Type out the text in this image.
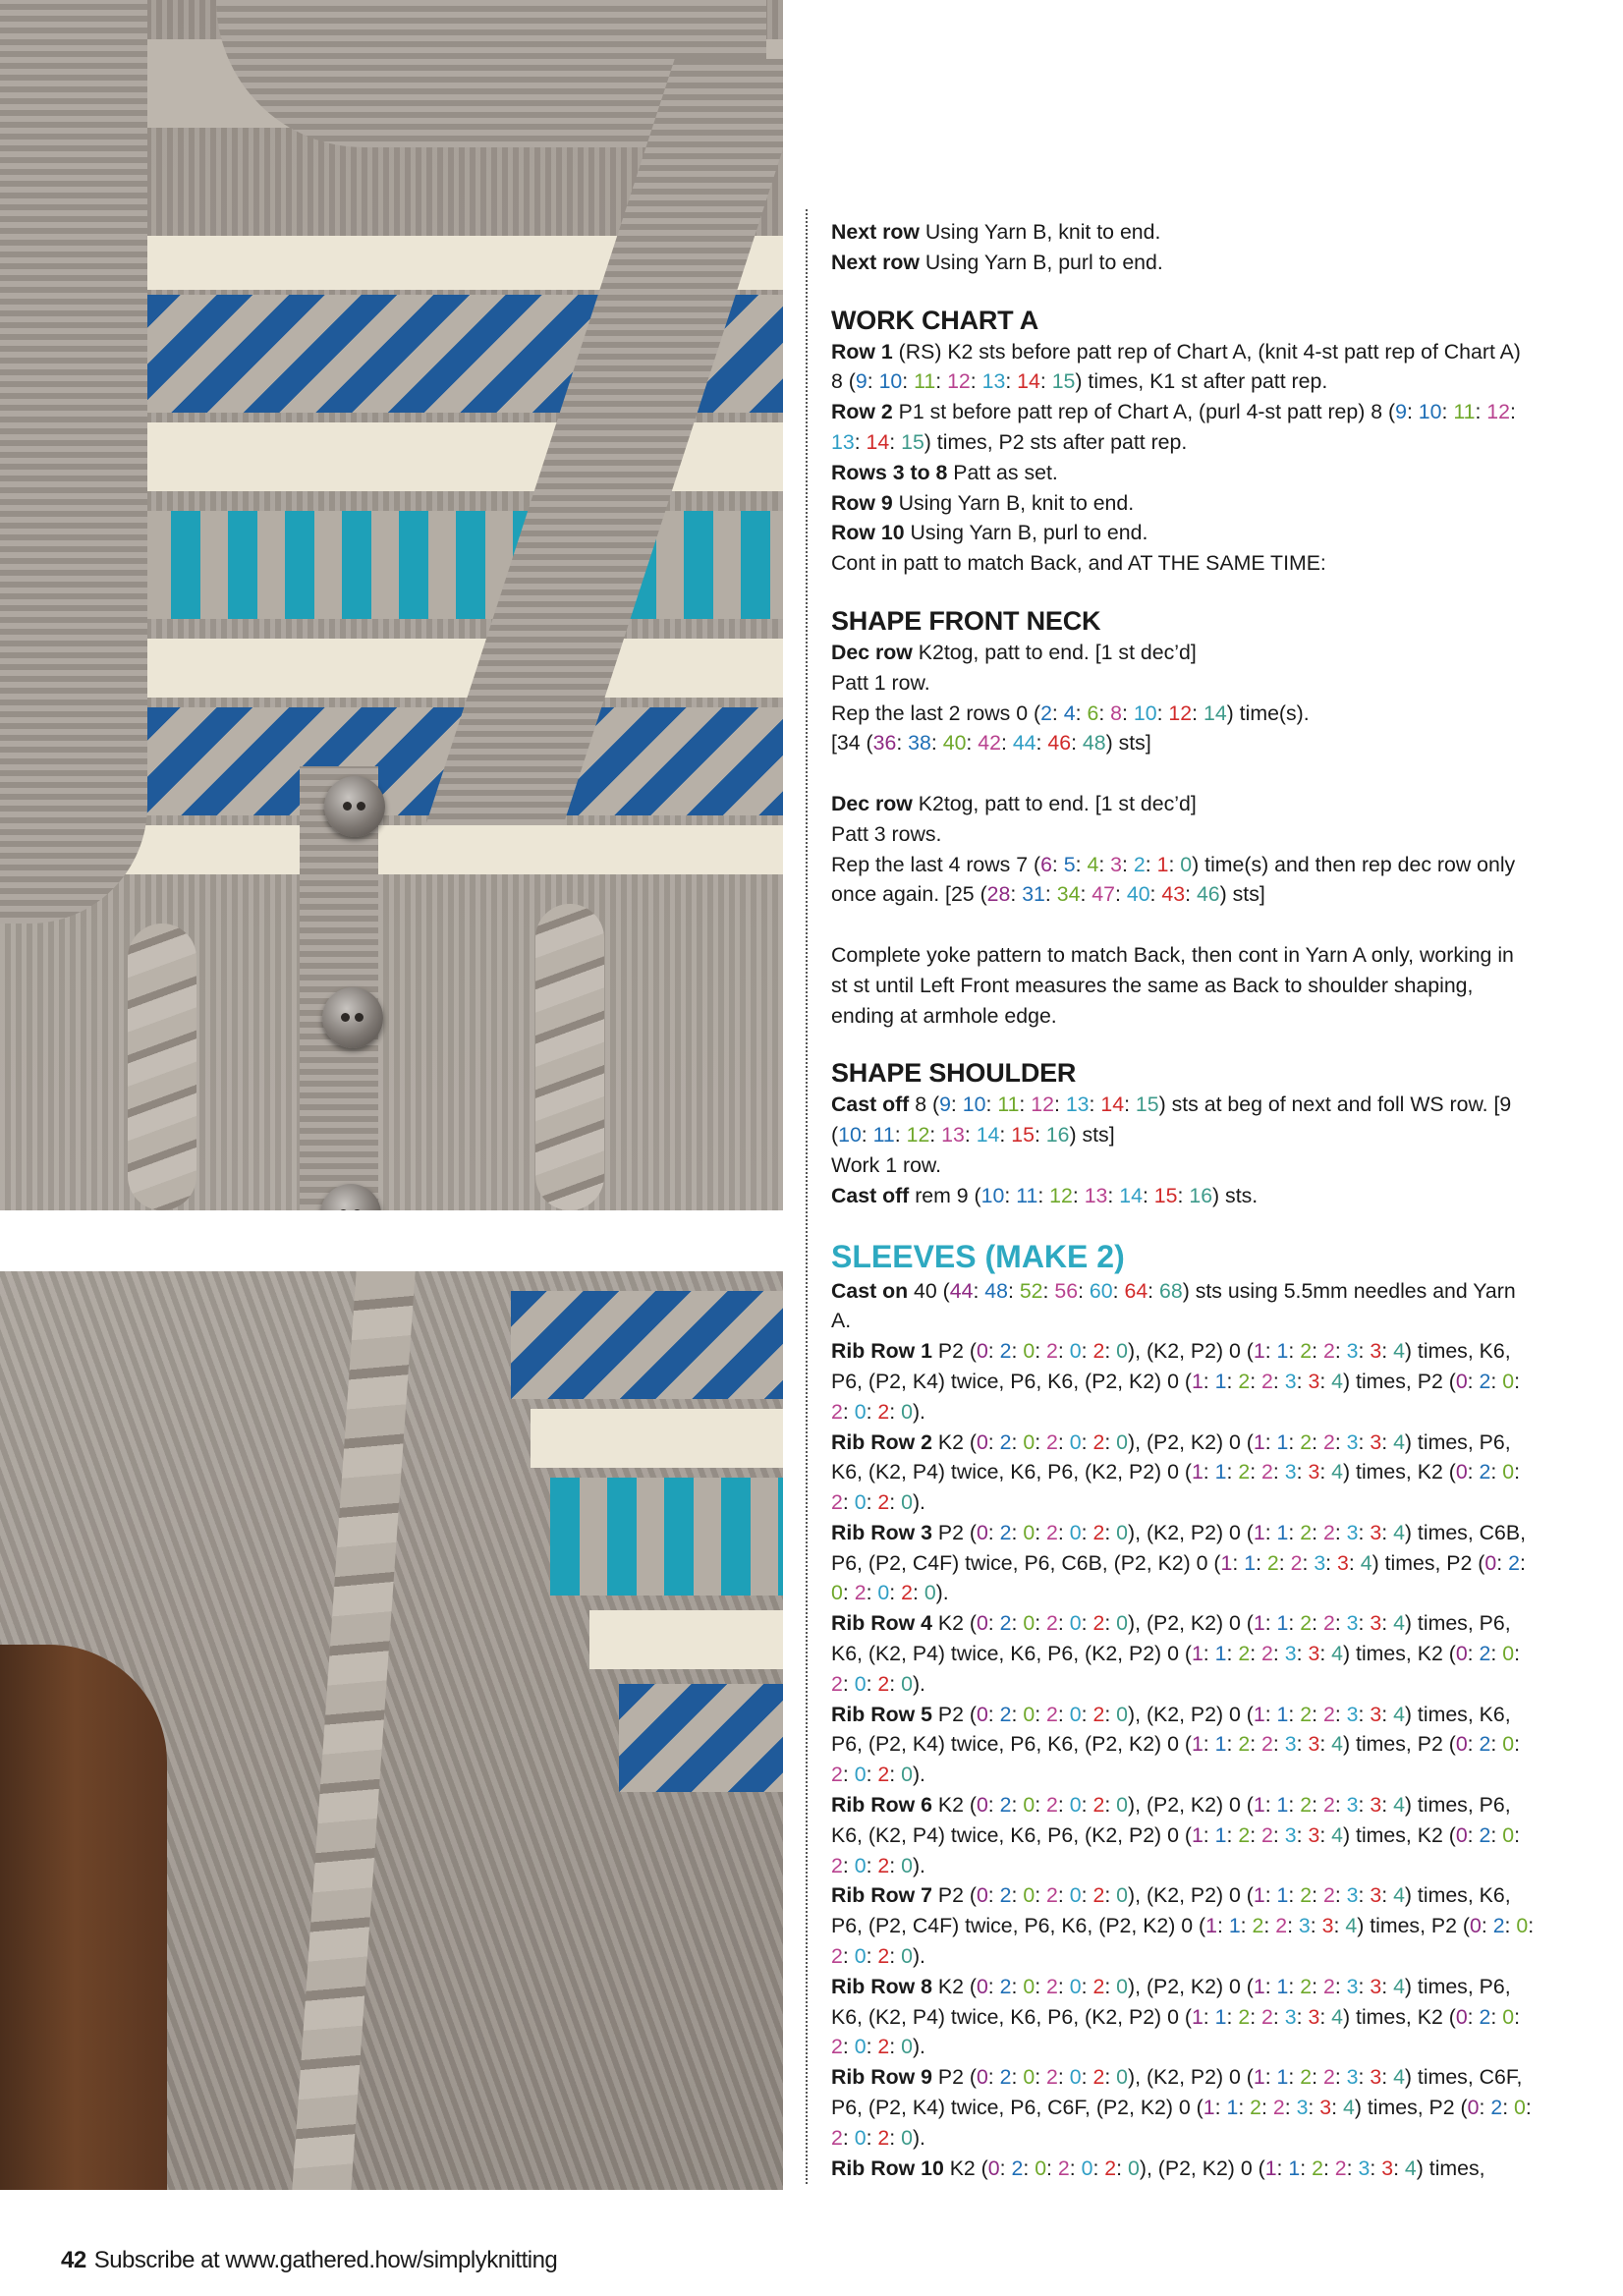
Next row Using Yarn B, knit to end.

Next row Using Yarn B, purl to end.

WORK CHART A

Row 1 (RS) K2 sts before patt rep of Chart A, (knit 4-st patt rep of Chart A) 8 (9: 10: 11: 12: 13: 14: 15) times, K1 st after patt rep.

Row 2 P1 st before patt rep of Chart A, (purl 4-st patt rep) 8 (9: 10: 11: 12: 13: 14: 15) times, P2 sts after patt rep.

Rows 3 to 8 Patt as set.

Row 9 Using Yarn B, knit to end.

Row 10 Using Yarn B, purl to end.

Cont in patt to match Back, and AT THE SAME TIME:

SHAPE FRONT NECK

Dec row K2tog, patt to end. [1 st dec’d]

Patt 1 row.

Rep the last 2 rows 0 (2: 4: 6: 8: 10: 12: 14) time(s).

[34 (36: 38: 40: 42: 44: 46: 48) sts]

Dec row K2tog, patt to end. [1 st dec’d]

Patt 3 rows.

Rep the last 4 rows 7 (6: 5: 4: 3: 2: 1: 0) time(s) and then rep dec row only once again. [25 (28: 31: 34: 47: 40: 43: 46) sts]

Complete yoke pattern to match Back, then cont in Yarn A only, working in st st until Left Front measures the same as Back to shoulder shaping, ending at armhole edge.

SHAPE SHOULDER

Cast off 8 (9: 10: 11: 12: 13: 14: 15) sts at beg of next and foll WS row. [9 (10: 11: 12: 13: 14: 15: 16) sts]

Work 1 row.

Cast off rem 9 (10: 11: 12: 13: 14: 15: 16) sts.

SLEEVES (MAKE 2)

Cast on 40 (44: 48: 52: 56: 60: 64: 68) sts using 5.5mm needles and Yarn A.

Rib Row 1 P2 (0: 2: 0: 2: 0: 2: 0), (K2, P2) 0 (1: 1: 2: 2: 3: 3: 4) times, K6, P6, (P2, K4) twice, P6, K6, (P2, K2) 0 (1: 1: 2: 2: 3: 3: 4) times, P2 (0: 2: 0: 2: 0: 2: 0).

Rib Row 2 K2 (0: 2: 0: 2: 0: 2: 0), (P2, K2) 0 (1: 1: 2: 2: 3: 3: 4) times, P6, K6, (K2, P4) twice, K6, P6, (K2, P2) 0 (1: 1: 2: 2: 3: 3: 4) times, K2 (0: 2: 0: 2: 0: 2: 0).

Rib Row 3 P2 (0: 2: 0: 2: 0: 2: 0), (K2, P2) 0 (1: 1: 2: 2: 3: 3: 4) times, C6B, P6, (P2, C4F) twice, P6, C6B, (P2, K2) 0 (1: 1: 2: 2: 3: 3: 4) times, P2 (0: 2: 0: 2: 0: 2: 0).

Rib Row 4 K2 (0: 2: 0: 2: 0: 2: 0), (P2, K2) 0 (1: 1: 2: 2: 3: 3: 4) times, P6, K6, (K2, P4) twice, K6, P6, (K2, P2) 0 (1: 1: 2: 2: 3: 3: 4) times, K2 (0: 2: 0: 2: 0: 2: 0).

Rib Row 5 P2 (0: 2: 0: 2: 0: 2: 0), (K2, P2) 0 (1: 1: 2: 2: 3: 3: 4) times, K6, P6, (P2, K4) twice, P6, K6, (P2, K2) 0 (1: 1: 2: 2: 3: 3: 4) times, P2 (0: 2: 0: 2: 0: 2: 0).

Rib Row 6 K2 (0: 2: 0: 2: 0: 2: 0), (P2, K2) 0 (1: 1: 2: 2: 3: 3: 4) times, P6, K6, (K2, P4) twice, K6, P6, (K2, P2) 0 (1: 1: 2: 2: 3: 3: 4) times, K2 (0: 2: 0: 2: 0: 2: 0).

Rib Row 7 P2 (0: 2: 0: 2: 0: 2: 0), (K2, P2) 0 (1: 1: 2: 2: 3: 3: 4) times, K6, P6, (P2, C4F) twice, P6, K6, (P2, K2) 0 (1: 1: 2: 2: 3: 3: 4) times, P2 (0: 2: 0: 2: 0: 2: 0).

Rib Row 8 K2 (0: 2: 0: 2: 0: 2: 0), (P2, K2) 0 (1: 1: 2: 2: 3: 3: 4) times, P6, K6, (K2, P4) twice, K6, P6, (K2, P2) 0 (1: 1: 2: 2: 3: 3: 4) times, K2 (0: 2: 0: 2: 0: 2: 0).

Rib Row 9 P2 (0: 2: 0: 2: 0: 2: 0), (K2, P2) 0 (1: 1: 2: 2: 3: 3: 4) times, C6F, P6, (P2, K4) twice, P6, C6F, (P2, K2) 0 (1: 1: 2: 2: 3: 3: 4) times, P2 (0: 2: 0: 2: 0: 2: 0).

Rib Row 10 K2 (0: 2: 0: 2: 0: 2: 0), (P2, K2) 0 (1: 1: 2: 2: 3: 3: 4) times,

42 Subscribe at www.gathered.how/simplyknitting
